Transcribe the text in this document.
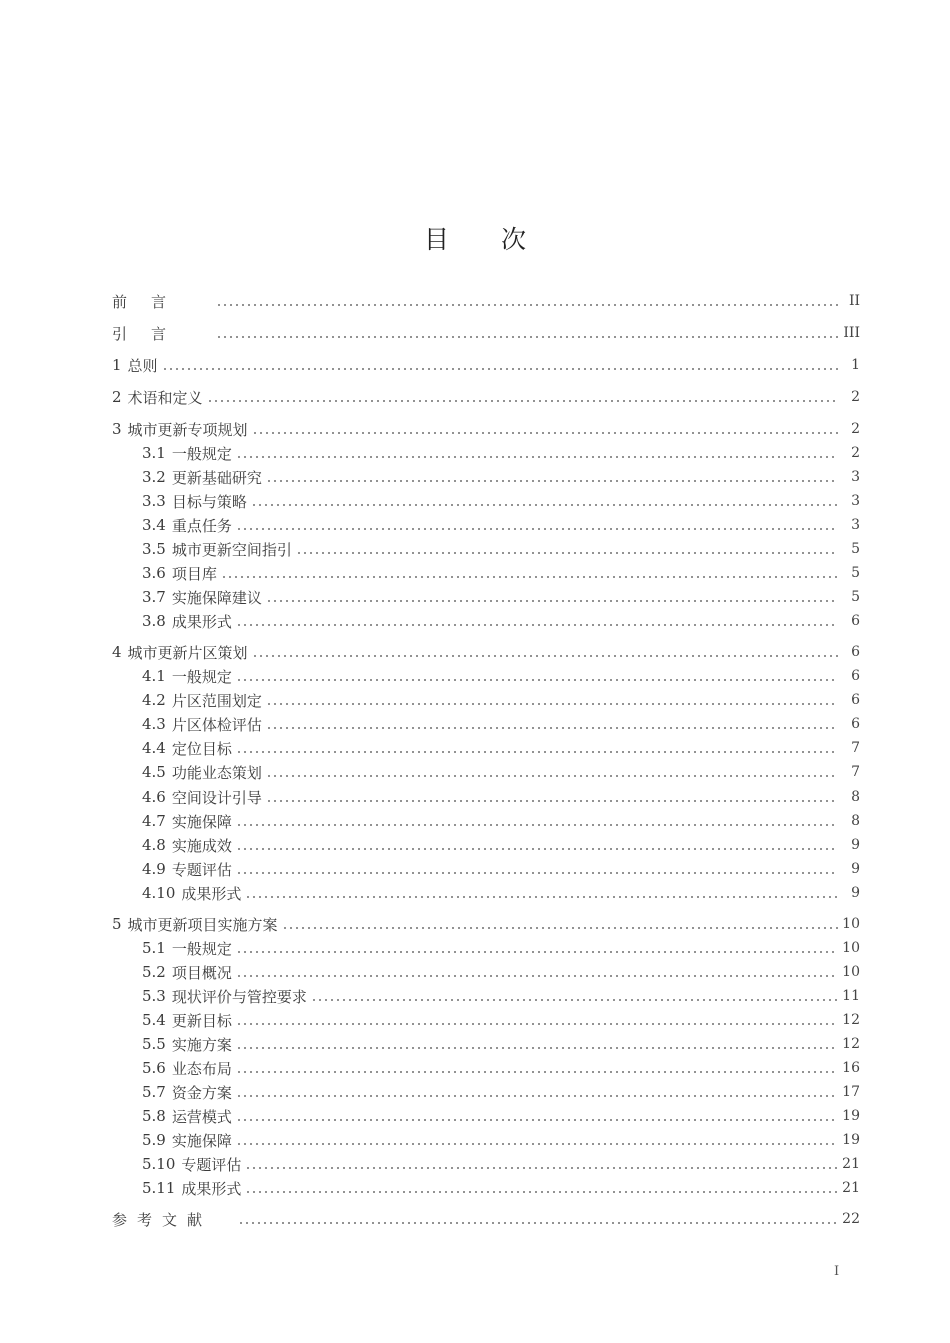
目 次
前言	II
引言	III
1 总则	1
2 术语和定义	2
3 城市更新专项规划	2
3.1 一般规定	2
3.2 更新基础研究	3
3.3 目标与策略	3
3.4 重点任务	3
3.5 城市更新空间指引	5
3.6 项目库	5
3.7 实施保障建议	5
3.8 成果形式	6
4 城市更新片区策划	6
4.1 一般规定	6
4.2 片区范围划定	6
4.3 片区体检评估	6
4.4 定位目标	7
4.5 功能业态策划	7
4.6 空间设计引导	8
4.7 实施保障	8
4.8 实施成效	9
4.9 专题评估	9
4.10 成果形式	9
5 城市更新项目实施方案	10
5.1 一般规定	10
5.2 项目概况	10
5.3 现状评价与管控要求	11
5.4 更新目标	12
5.5 实施方案	12
5.6 业态布局	16
5.7 资金方案	17
5.8 运营模式	19
5.9 实施保障	19
5.10 专题评估	21
5.11 成果形式	21
参考文献	22
I
